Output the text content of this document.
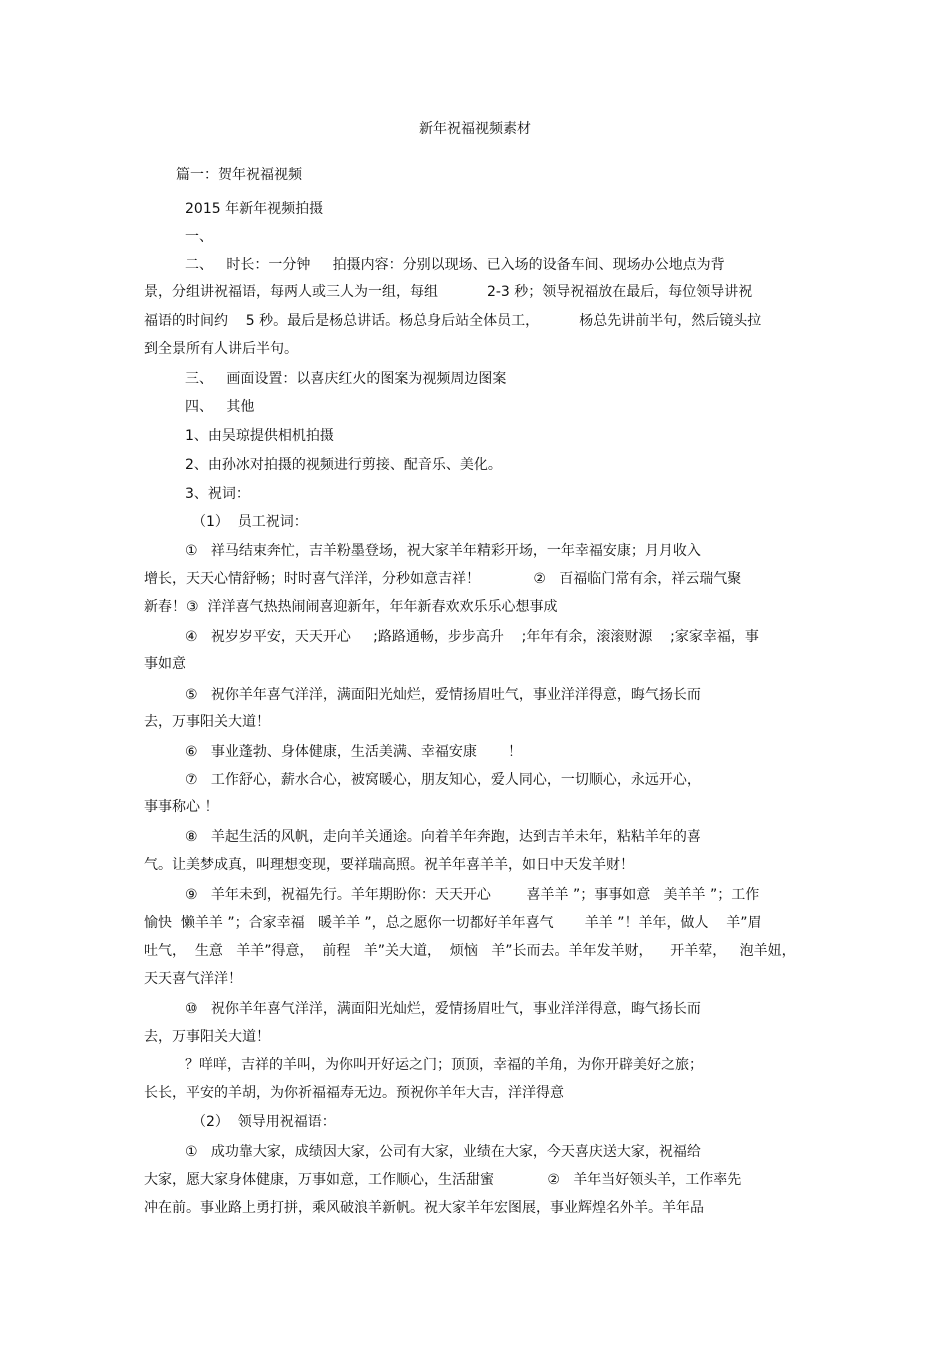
新年祝福视频素材
篇一：贺年祝福视频
2015 年新年视频拍摄
一、
二、   时长：一分钟     拍摄内容：分别以现场、已入场的设备车间、现场办公地点为背
景，分组讲祝福语，每两人或三人为一组，每组           2-3 秒；领导祝福放在最后，每位领导讲祝
福语的时间约    5 秒。最后是杨总讲话。杨总身后站全体员工，         杨总先讲前半句，然后镜头拉
到全景所有人讲后半句。
三、   画面设置：以喜庆红火的图案为视频周边图案
四、   其他
1、由吴琼提供相机拍摄
2、由孙冰对拍摄的视频进行剪接、配音乐、美化。
3、祝词：
（1）  员工祝词：
①   祥马结束奔忙，吉羊粉墨登场，祝大家羊年精彩开场，一年幸福安康；月月收入
增长，天天心情舒畅；时时喜气洋洋，分秒如意吉祥！            ②   百福临门常有余，祥云瑞气聚
新春！③  洋洋喜气热热闹闹喜迎新年，年年新春欢欢乐乐心想事成
④   祝岁岁平安，天天开心     ;路路通畅，步步高升    ;年年有余，滚滚财源    ;家家幸福，事
事如意
⑤   祝你羊年喜气洋洋，满面阳光灿烂，爱情扬眉吐气，事业洋洋得意，晦气扬长而
去，万事阳关大道！
⑥   事业蓬勃、身体健康，生活美满、幸福安康       ！
⑦   工作舒心，薪水合心，被窝暖心，朋友知心，爱人同心，一切顺心，永远开心，
事事称心 ！
⑧   羊起生活的风帆，走向羊关通途。向着羊年奔跑，达到吉羊未年，粘粘羊年的喜
气。让美梦成真，叫理想变现，要祥瑞高照。祝羊年喜羊羊，如日中天发羊财！
⑨   羊年未到，祝福先行。羊年期盼你：天天开心        喜羊羊 ”；事事如意   美羊羊 ”；工作
愉快  懒羊羊 ”；合家幸福   暖羊羊 ”，总之愿你一切都好羊年喜气       羊羊 ”！羊年，做人    羊”眉
吐气，  生意   羊羊”得意，  前程   羊”关大道，  烦恼   羊”长而去。羊年发羊财，    开羊荤，   泡羊妞，
天天喜气洋洋！
⑩   祝你羊年喜气洋洋，满面阳光灿烂，爱情扬眉吐气，事业洋洋得意，晦气扬长而
去，万事阳关大道！
？咩咩，吉祥的羊叫，为你叫开好运之门；顶顶，幸福的羊角，为你开辟美好之旅；
长长，平安的羊胡，为你祈福福寿无边。预祝你羊年大吉，洋洋得意
（2）  领导用祝福语：
①   成功靠大家，成绩因大家，公司有大家，业绩在大家，今天喜庆送大家，祝福给
大家，愿大家身体健康，万事如意，工作顺心，生活甜蜜            ②   羊年当好领头羊，工作率先
冲在前。事业路上勇打拼，乘风破浪羊新帆。祝大家羊年宏图展，事业辉煌名外羊。羊年品
